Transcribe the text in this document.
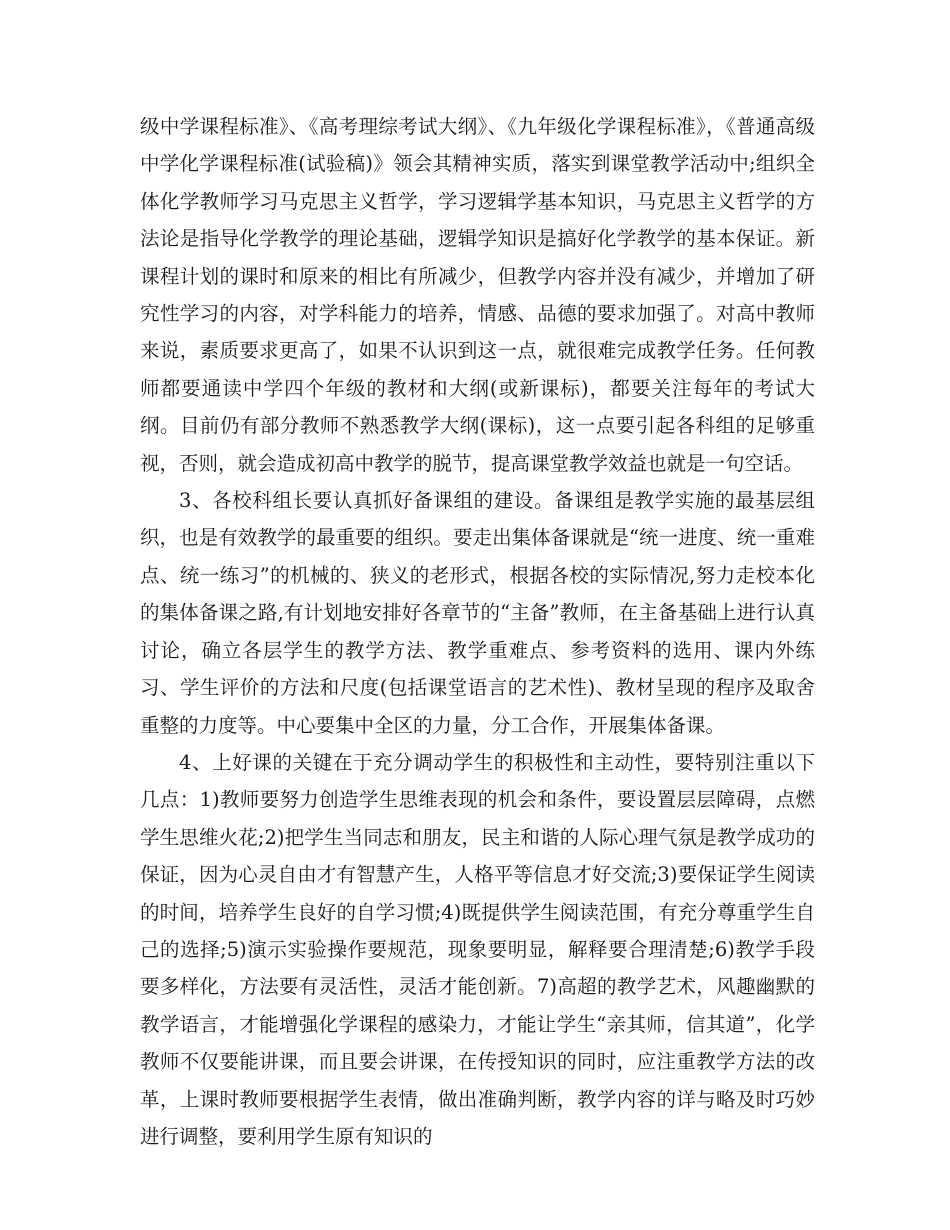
级中学课程标准》、《高考理综考试大纲》、《九年级化学课程标准》，《普通高级中学化学课程标准(试验稿)》领会其精神实质，落实到课堂教学活动中;组织全体化学教师学习马克思主义哲学，学习逻辑学基本知识，马克思主义哲学的方法论是指导化学教学的理论基础，逻辑学知识是搞好化学教学的基本保证。新课程计划的课时和原来的相比有所减少，但教学内容并没有减少，并增加了研究性学习的内容，对学科能力的培养，情感、品德的要求加强了。对高中教师来说，素质要求更高了，如果不认识到这一点，就很难完成教学任务。任何教师都要通读中学四个年级的教材和大纲(或新课标)，都要关注每年的考试大纲。目前仍有部分教师不熟悉教学大纲(课标)，这一点要引起各科组的足够重视，否则，就会造成初高中教学的脱节，提高课堂教学效益也就是一句空话。

3、各校科组长要认真抓好备课组的建设。备课组是教学实施的最基层组织，也是有效教学的最重要的组织。要走出集体备课就是“统一进度、统一重难点、统一练习”的机械的、狭义的老形式，根据各校的实际情况,努力走校本化的集体备课之路,有计划地安排好各章节的“主备”教师，在主备基础上进行认真讨论，确立各层学生的教学方法、教学重难点、参考资料的选用、课内外练习、学生评价的方法和尺度(包括课堂语言的艺术性)、教材呈现的程序及取舍重整的力度等。中心要集中全区的力量，分工合作，开展集体备课。

4、上好课的关键在于充分调动学生的积极性和主动性，要特别注重以下几点：1)教师要努力创造学生思维表现的机会和条件，要设置层层障碍，点燃学生思维火花;2)把学生当同志和朋友，民主和谐的人际心理气氛是教学成功的保证，因为心灵自由才有智慧产生，人格平等信息才好交流;3)要保证学生阅读的时间，培养学生良好的自学习惯;4)既提供学生阅读范围，有充分尊重学生自己的选择;5)演示实验操作要规范，现象要明显，解释要合理清楚;6)教学手段要多样化，方法要有灵活性，灵活才能创新。7)高超的教学艺术，风趣幽默的教学语言，才能增强化学课程的感染力，才能让学生“亲其师，信其道”，化学教师不仅要能讲课，而且要会讲课，在传授知识的同时，应注重教学方法的改革，上课时教师要根据学生表情，做出准确判断，教学内容的详与略及时巧妙进行调整，要利用学生原有知识的
